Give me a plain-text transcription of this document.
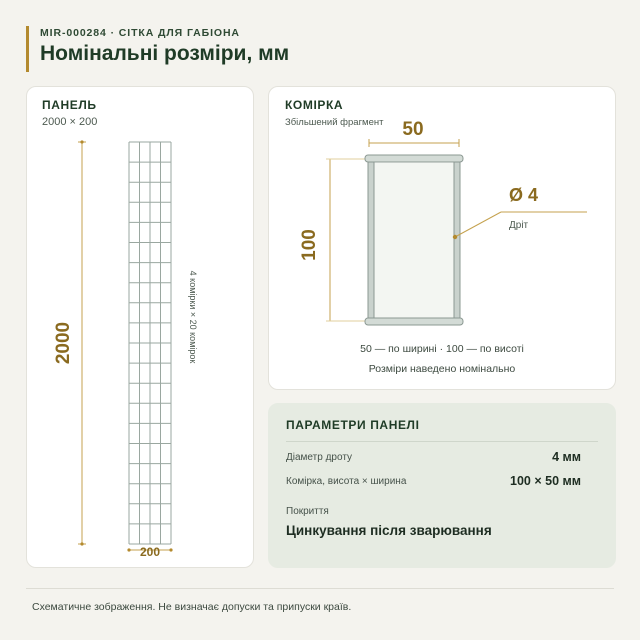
MIR-000284 · СІТКА ДЛЯ ГАБІОНА
Номінальні розміри, мм
ПАНЕЛЬ
2000 × 200
2000
200
4 комірки × 20 комірок
КОМІРКА
Збільшений фрагмент 50
100
Ø 4
Дріт
50 — по ширині · 100 — по висоті
Розміри наведено номінально
ПАРАМЕТРИ ПАНЕЛІ
Діаметр дроту	4 мм
Комірка, висота × ширина	100 × 50 мм
Покриття
Цинкування після зварювання
Схематичне зображення. Не визначає допуски та припуски країв.
